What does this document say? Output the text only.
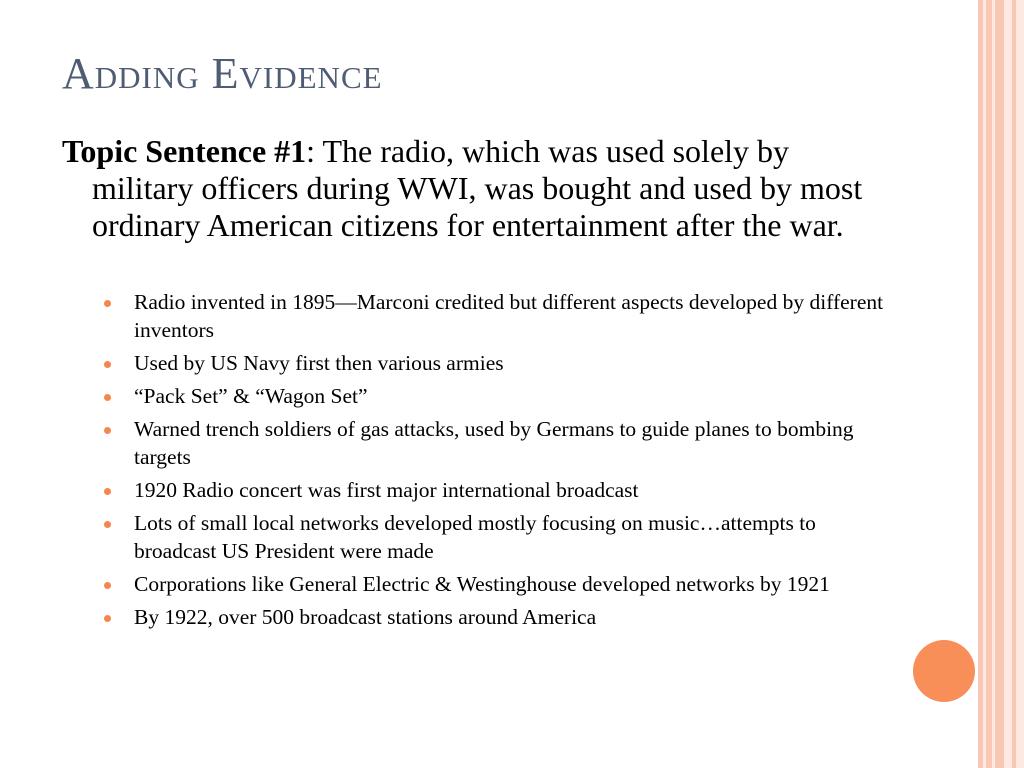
Adding Evidence

Topic Sentence #1: The radio, which was used solely by military officers during WWI, was bought and used by most ordinary American citizens for entertainment after the war.

Radio invented in 1895—Marconi credited but different aspects developed by different inventors
Used by US Navy first then various armies
“Pack Set” & “Wagon Set”
Warned trench soldiers of gas attacks, used by Germans to guide planes to bombing targets
1920 Radio concert was first major international broadcast
Lots of small local networks developed mostly focusing on music…attempts to broadcast US President were made
Corporations like General Electric & Westinghouse developed networks by 1921
By 1922, over 500 broadcast stations around America
